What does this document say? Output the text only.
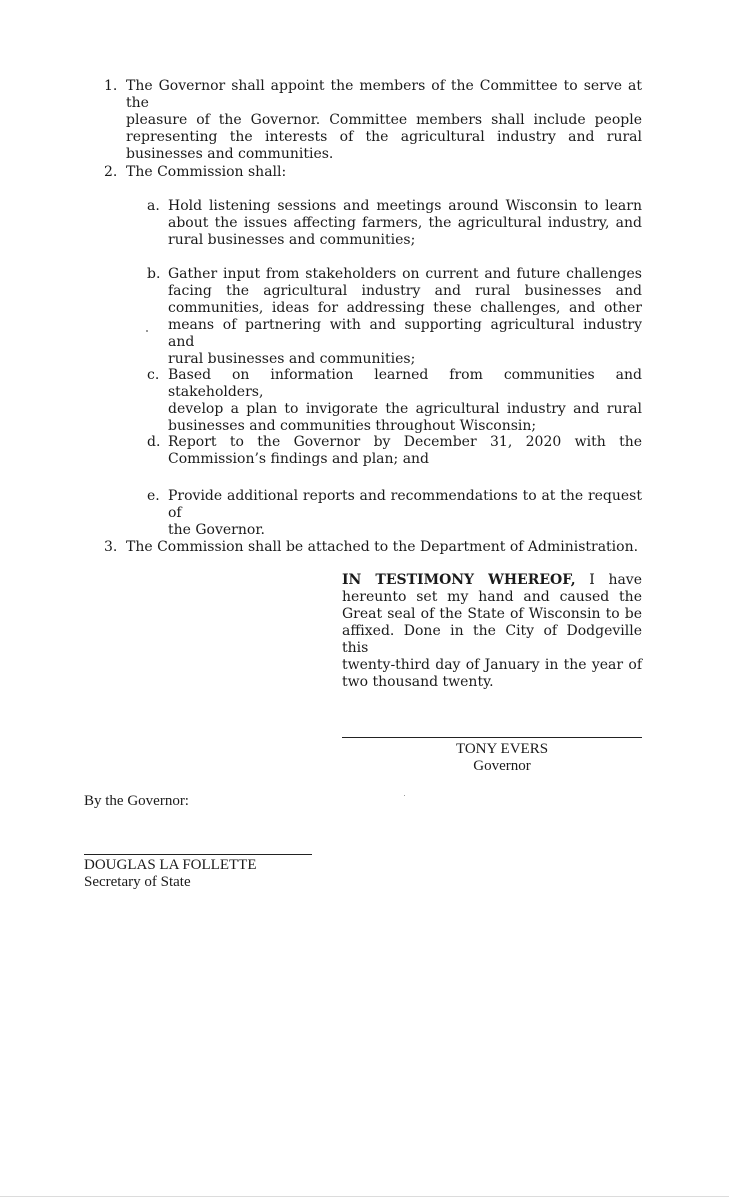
1. The Governor shall appoint the members of the Committee to serve at the
pleasure of the Governor. Committee members shall include people
representing the interests of the agricultural industry and rural
businesses and communities.
2. The Commission shall:
a. Hold listening sessions and meetings around Wisconsin to learn
about the issues affecting farmers, the agricultural industry, and
rural businesses and communities;
b. Gather input from stakeholders on current and future challenges
facing the agricultural industry and rural businesses and
communities, ideas for addressing these challenges, and other
means of partnering with and supporting agricultural industry and
rural businesses and communities;
c. Based on information learned from communities and stakeholders,
develop a plan to invigorate the agricultural industry and rural
businesses and communities throughout Wisconsin;
d. Report to the Governor by December 31, 2020 with the
Commission’s findings and plan; and
e. Provide additional reports and recommendations to at the request of
the Governor.
3. The Commission shall be attached to the Department of Administration.
IN TESTIMONY WHEREOF, I have
hereunto set my hand and caused the
Great seal of the State of Wisconsin to be
affixed. Done in the City of Dodgeville this
twenty-third day of January in the year of
two thousand twenty.
TONY EVERS
Governor
By the Governor:
DOUGLAS LA FOLLETTE
Secretary of State
